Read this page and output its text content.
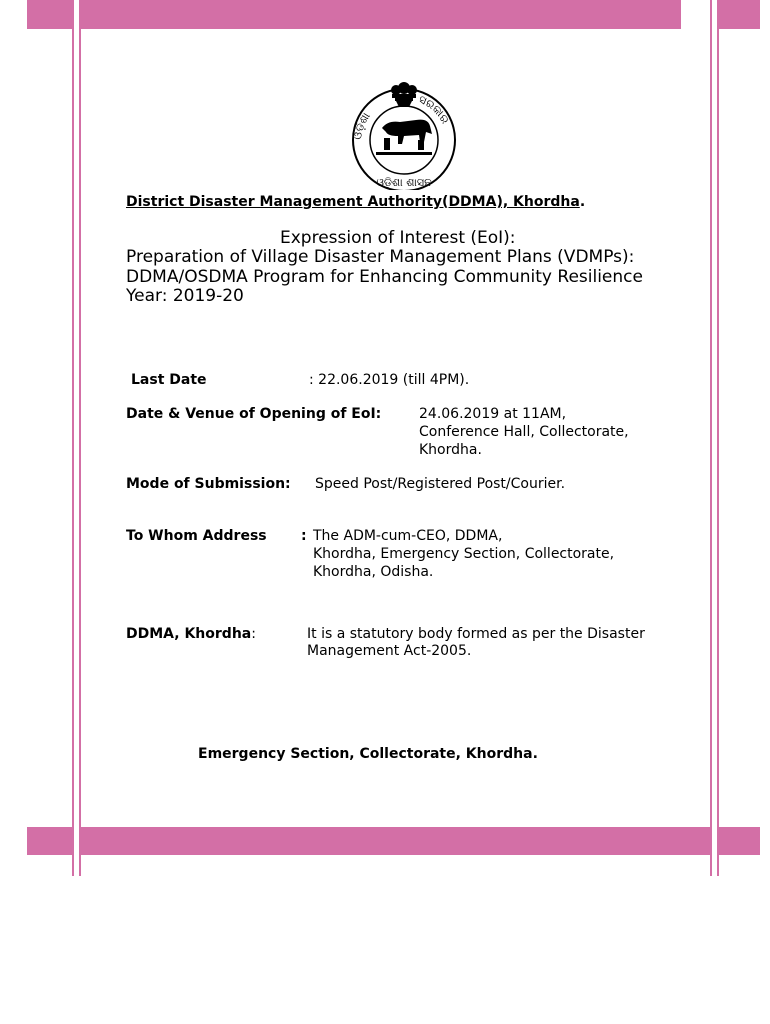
ଓଡ଼ିଶା
ସରକାର
ଓଡ଼ିଶା ଶାସନ
District Disaster Management Authority(DDMA), Khordha.
Expression of Interest (EoI):
Preparation of Village Disaster Management Plans (VDMPs):
DDMA/OSDMA Program for Enhancing Community Resilience
Year: 2019-20
Last Date	: 22.06.2019 (till 4PM).
Date & Venue of Opening of EoI:	24.06.2019 at 11AM,
Conference Hall, Collectorate,
Khordha.
Mode of Submission: Speed Post/Registered Post/Courier.
To Whom Address : The ADM-cum-CEO, DDMA,
Khordha, Emergency Section, Collectorate,
Khordha, Odisha.
DDMA, Khordha:	It is a statutory body formed as per the Disaster
Management Act-2005.
Emergency Section, Collectorate, Khordha.
